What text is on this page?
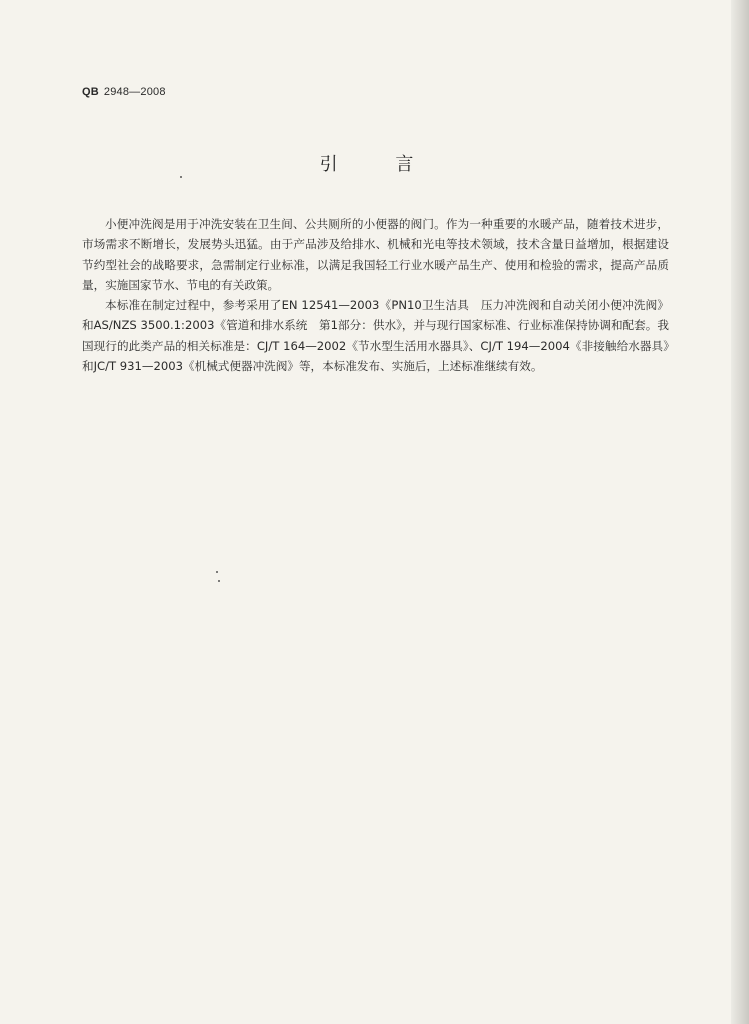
QB 2948—2008
引 言

小便冲洗阀是用于冲洗安装在卫生间、公共厕所的小便器的阀门。作为一种重要的水暖产品，随着技术进步，市场需求不断增长，发展势头迅猛。由于产品涉及给排水、机械和光电等技术领域，技术含量日益增加，根据建设节约型社会的战略要求，急需制定行业标准，以满足我国轻工行业水暖产品生产、使用和检验的需求，提高产品质量，实施国家节水、节电的有关政策。

本标准在制定过程中，参考采用了EN 12541—2003《PN10卫生洁具　压力冲洗阀和自动关闭小便冲洗阀》和AS/NZS 3500.1:2003《管道和排水系统　第1部分：供水》，并与现行国家标准、行业标准保持协调和配套。我国现行的此类产品的相关标准是：CJ/T 164—2002《节水型生活用水器具》、CJ/T 194—2004《非接触给水器具》和JC/T 931—2003《机械式便器冲洗阀》等，本标准发布、实施后，上述标准继续有效。
